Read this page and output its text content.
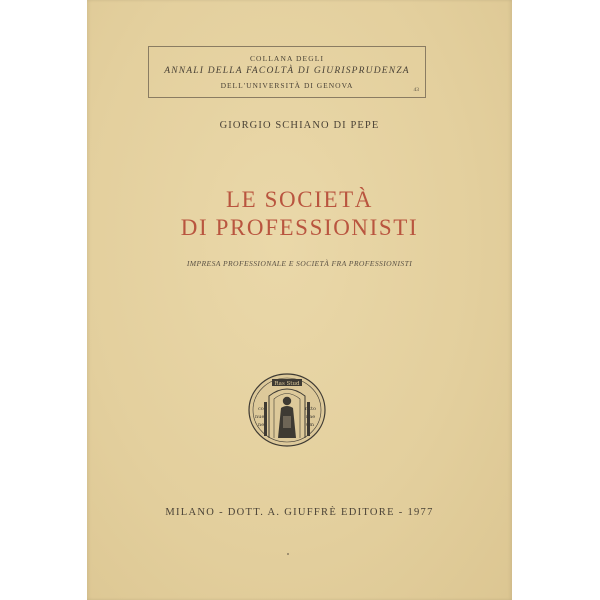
COLLANA DEGLI
ANNALI DELLA FACOLTÀ DI GIURISPRUDENZA
DELL'UNIVERSITÀ DI GENOVA	43
GIORGIO SCHIANO DI PEPE
LE SOCIETÀ
DI PROFESSIONISTI
IMPRESA PROFESSIONALE E SOCIETÀ FRA PROFESSIONISTI
Ras Stud
co
nuer
ne
ritto
nae
um
MILANO - DOTT. A. GIUFFRÈ EDITORE - 1977
